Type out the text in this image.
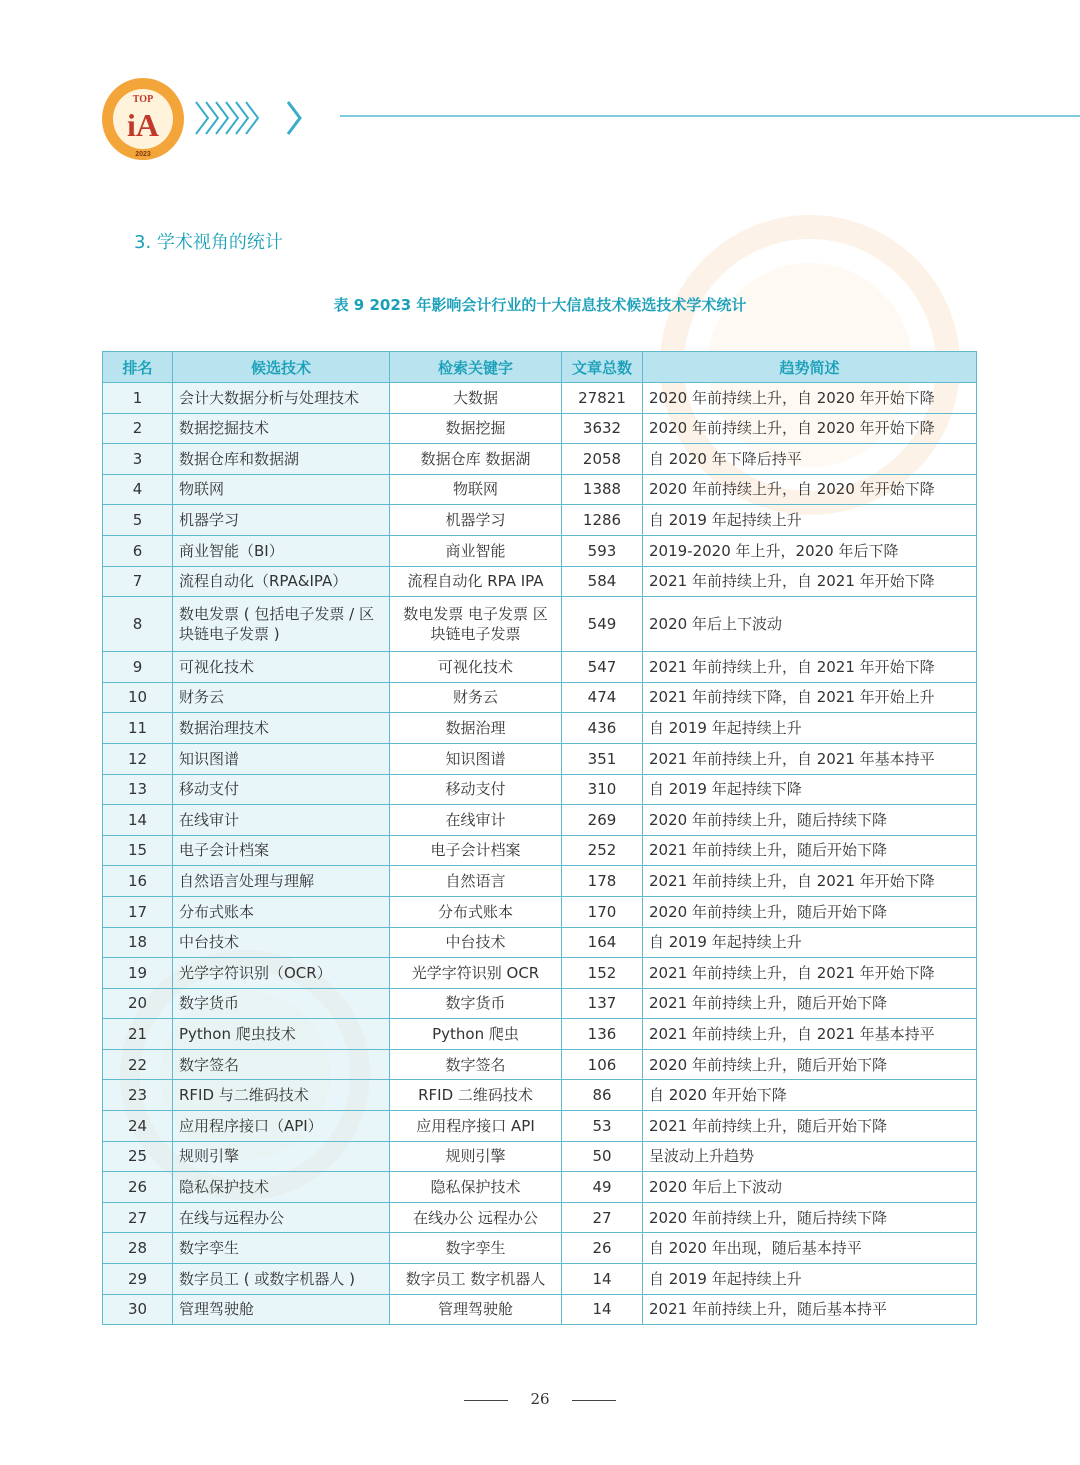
TOP
iA
2023
3. 学术视角的统计
表 9 2023 年影响会计行业的十大信息技术候选技术学术统计
排名	候选技术	检索关键字	文章总数	趋势简述
1	会计大数据分析与处理技术	大数据	27821	2020 年前持续上升，自 2020 年开始下降
2	数据挖掘技术	数据挖掘	3632	2020 年前持续上升，自 2020 年开始下降
3	数据仓库和数据湖	数据仓库 数据湖	2058	自 2020 年下降后持平
4	物联网	物联网	1388	2020 年前持续上升，自 2020 年开始下降
5	机器学习	机器学习	1286	自 2019 年起持续上升
6	商业智能（BI）	商业智能	593	2019-2020 年上升，2020 年后下降
7	流程自动化（RPA&IPA）	流程自动化 RPA IPA	584	2021 年前持续上升，自 2021 年开始下降
8	数电发票 ( 包括电子发票 / 区块链电子发票 )	数电发票 电子发票 区块链电子发票	549	2020 年后上下波动
9	可视化技术	可视化技术	547	2021 年前持续上升，自 2021 年开始下降
10	财务云	财务云	474	2021 年前持续下降，自 2021 年开始上升
11	数据治理技术	数据治理	436	自 2019 年起持续上升
12	知识图谱	知识图谱	351	2021 年前持续上升，自 2021 年基本持平
13	移动支付	移动支付	310	自 2019 年起持续下降
14	在线审计	在线审计	269	2020 年前持续上升，随后持续下降
15	电子会计档案	电子会计档案	252	2021 年前持续上升，随后开始下降
16	自然语言处理与理解	自然语言	178	2021 年前持续上升，自 2021 年开始下降
17	分布式账本	分布式账本	170	2020 年前持续上升，随后开始下降
18	中台技术	中台技术	164	自 2019 年起持续上升
19	光学字符识别（OCR）	光学字符识别 OCR	152	2021 年前持续上升，自 2021 年开始下降
20	数字货币	数字货币	137	2021 年前持续上升，随后开始下降
21	Python 爬虫技术	Python 爬虫	136	2021 年前持续上升，自 2021 年基本持平
22	数字签名	数字签名	106	2020 年前持续上升，随后开始下降
23	RFID 与二维码技术	RFID 二维码技术	86	自 2020 年开始下降
24	应用程序接口（API）	应用程序接口 API	53	2021 年前持续上升，随后开始下降
25	规则引擎	规则引擎	50	呈波动上升趋势
26	隐私保护技术	隐私保护技术	49	2020 年后上下波动
27	在线与远程办公	在线办公 远程办公	27	2020 年前持续上升，随后持续下降
28	数字孪生	数字孪生	26	自 2020 年出现，随后基本持平
29	数字员工 ( 或数字机器人 )	数字员工 数字机器人	14	自 2019 年起持续上升
30	管理驾驶舱	管理驾驶舱	14	2021 年前持续上升，随后基本持平
26
